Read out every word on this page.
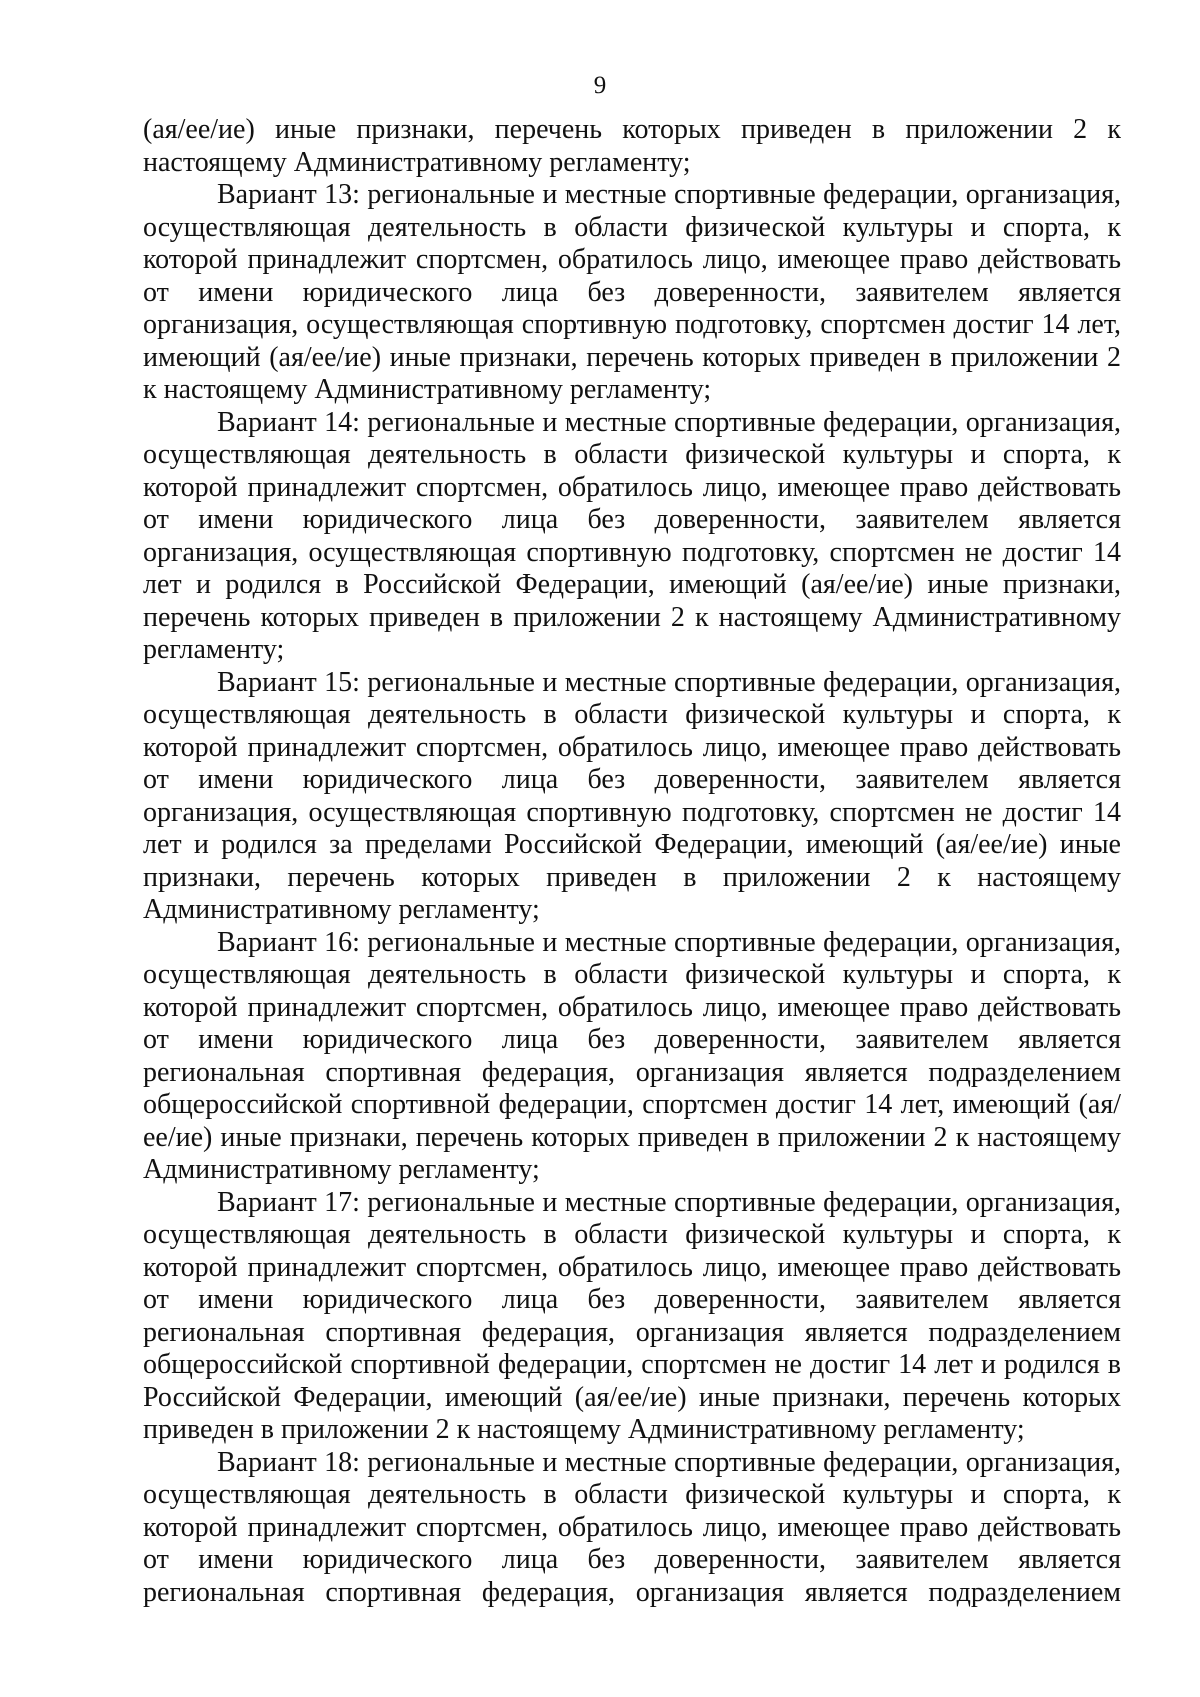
9

(ая/ее/ие) иные признаки, перечень которых приведен в приложении 2 к настоящему Административному регламенту;

Вариант 13: региональные и местные спортивные федерации, организация, осуществляющая деятельность в области физической культуры и спорта, к которой принадлежит спортсмен, обратилось лицо, имеющее право действовать от имени юридического лица без доверенности, заявителем является организация, осуществляющая спортивную подготовку, спортсмен достиг 14 лет, имеющий (ая/ее/ие) иные признаки, перечень которых приведен в приложении 2 к настоящему Административному регламенту;

Вариант 14: региональные и местные спортивные федерации, организация, осуществляющая деятельность в области физической культуры и спорта, к которой принадлежит спортсмен, обратилось лицо, имеющее право действовать от имени юридического лица без доверенности, заявителем является организация, осуществляющая спортивную подготовку, спортсмен не достиг 14 лет и родился в Российской Федерации, имеющий (ая/ее/ие) иные признаки, перечень которых приведен в приложении 2 к настоящему Административному регламенту;

Вариант 15: региональные и местные спортивные федерации, организация, осуществляющая деятельность в области физической культуры и спорта, к которой принадлежит спортсмен, обратилось лицо, имеющее право действовать от имени юридического лица без доверенности, заявителем является организация, осуществляющая спортивную подготовку, спортсмен не достиг 14 лет и родился за пределами Российской Федерации, имеющий (ая/ее/ие) иные признаки, перечень которых приведен в приложении 2 к настоящему Административному регламенту;

Вариант 16: региональные и местные спортивные федерации, организация, осуществляющая деятельность в области физической культуры и спорта, к которой принадлежит спортсмен, обратилось лицо, имеющее право действовать от имени юридического лица без доверенности, заявителем является региональная спортивная федерация, организация является подразделением общероссийской спортивной федерации, спортсмен достиг 14 лет, имеющий (ая/ее/ие) иные признаки, перечень которых приведен в приложении 2 к настоящему Административному регламенту;

Вариант 17: региональные и местные спортивные федерации, организация, осуществляющая деятельность в области физической культуры и спорта, к которой принадлежит спортсмен, обратилось лицо, имеющее право действовать от имени юридического лица без доверенности, заявителем является региональная спортивная федерация, организация является подразделением общероссийской спортивной федерации, спортсмен не достиг 14 лет и родился в Российской Федерации, имеющий (ая/ее/ие) иные признаки, перечень которых приведен в приложении 2 к настоящему Административному регламенту;

Вариант 18: региональные и местные спортивные федерации, организация, осуществляющая деятельность в области физической культуры и спорта, к которой принадлежит спортсмен, обратилось лицо, имеющее право действовать от имени юридического лица без доверенности, заявителем является региональная спортивная федерация, организация является подразделением
